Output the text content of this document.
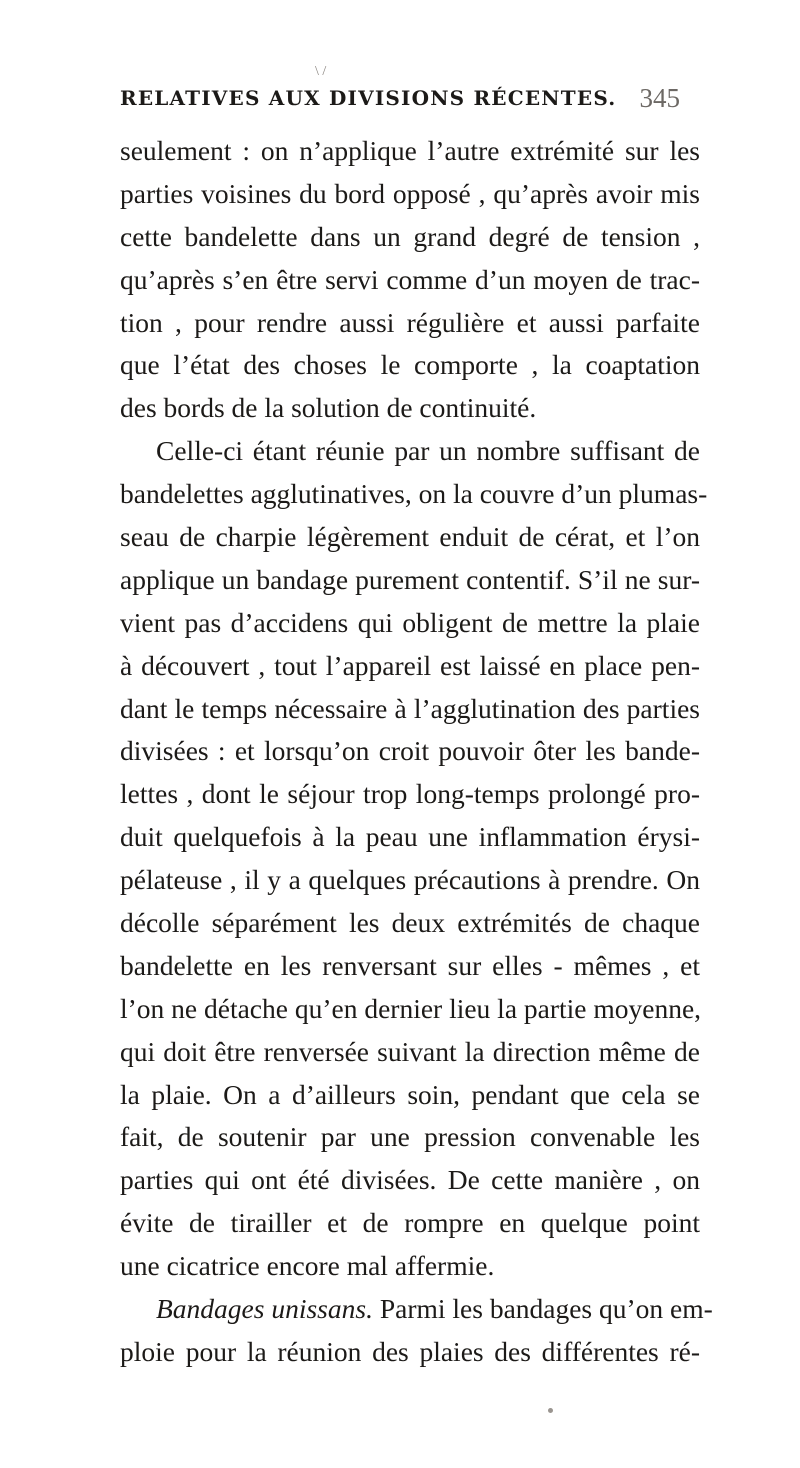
\ /
RELATIVES AUX DIVISIONS RÉCENTES. 345
seulement : on n’applique l’autre extrémité sur les
parties voisines du bord opposé , qu’après avoir mis
cette bandelette dans un grand degré de tension ,
qu’après s’en être servi comme d’un moyen de trac-
tion , pour rendre aussi régulière et aussi parfaite
que l’état des choses le comporte , la coaptation
des bords de la solution de continuité.
Celle-ci étant réunie par un nombre suffisant de
bandelettes agglutinatives, on la couvre d’un plumas-
seau de charpie légèrement enduit de cérat, et l’on
applique un bandage purement contentif. S’il ne sur-
vient pas d’accidens qui obligent de mettre la plaie
à découvert , tout l’appareil est laissé en place pen-
dant le temps nécessaire à l’agglutination des parties
divisées : et lorsqu’on croit pouvoir ôter les bande-
lettes , dont le séjour trop long-temps prolongé pro-
duit quelquefois à la peau une inflammation érysi-
pélateuse , il y a quelques précautions à prendre. On
décolle séparément les deux extrémités de chaque
bandelette en les renversant sur elles - mêmes , et
l’on ne détache qu’en dernier lieu la partie moyenne,
qui doit être renversée suivant la direction même de
la plaie. On a d’ailleurs soin, pendant que cela se
fait, de soutenir par une pression convenable les
parties qui ont été divisées. De cette manière , on
évite de tirailler et de rompre en quelque point
une cicatrice encore mal affermie.
Bandages unissans. Parmi les bandages qu’on em-
ploie pour la réunion des plaies des différentes ré-
